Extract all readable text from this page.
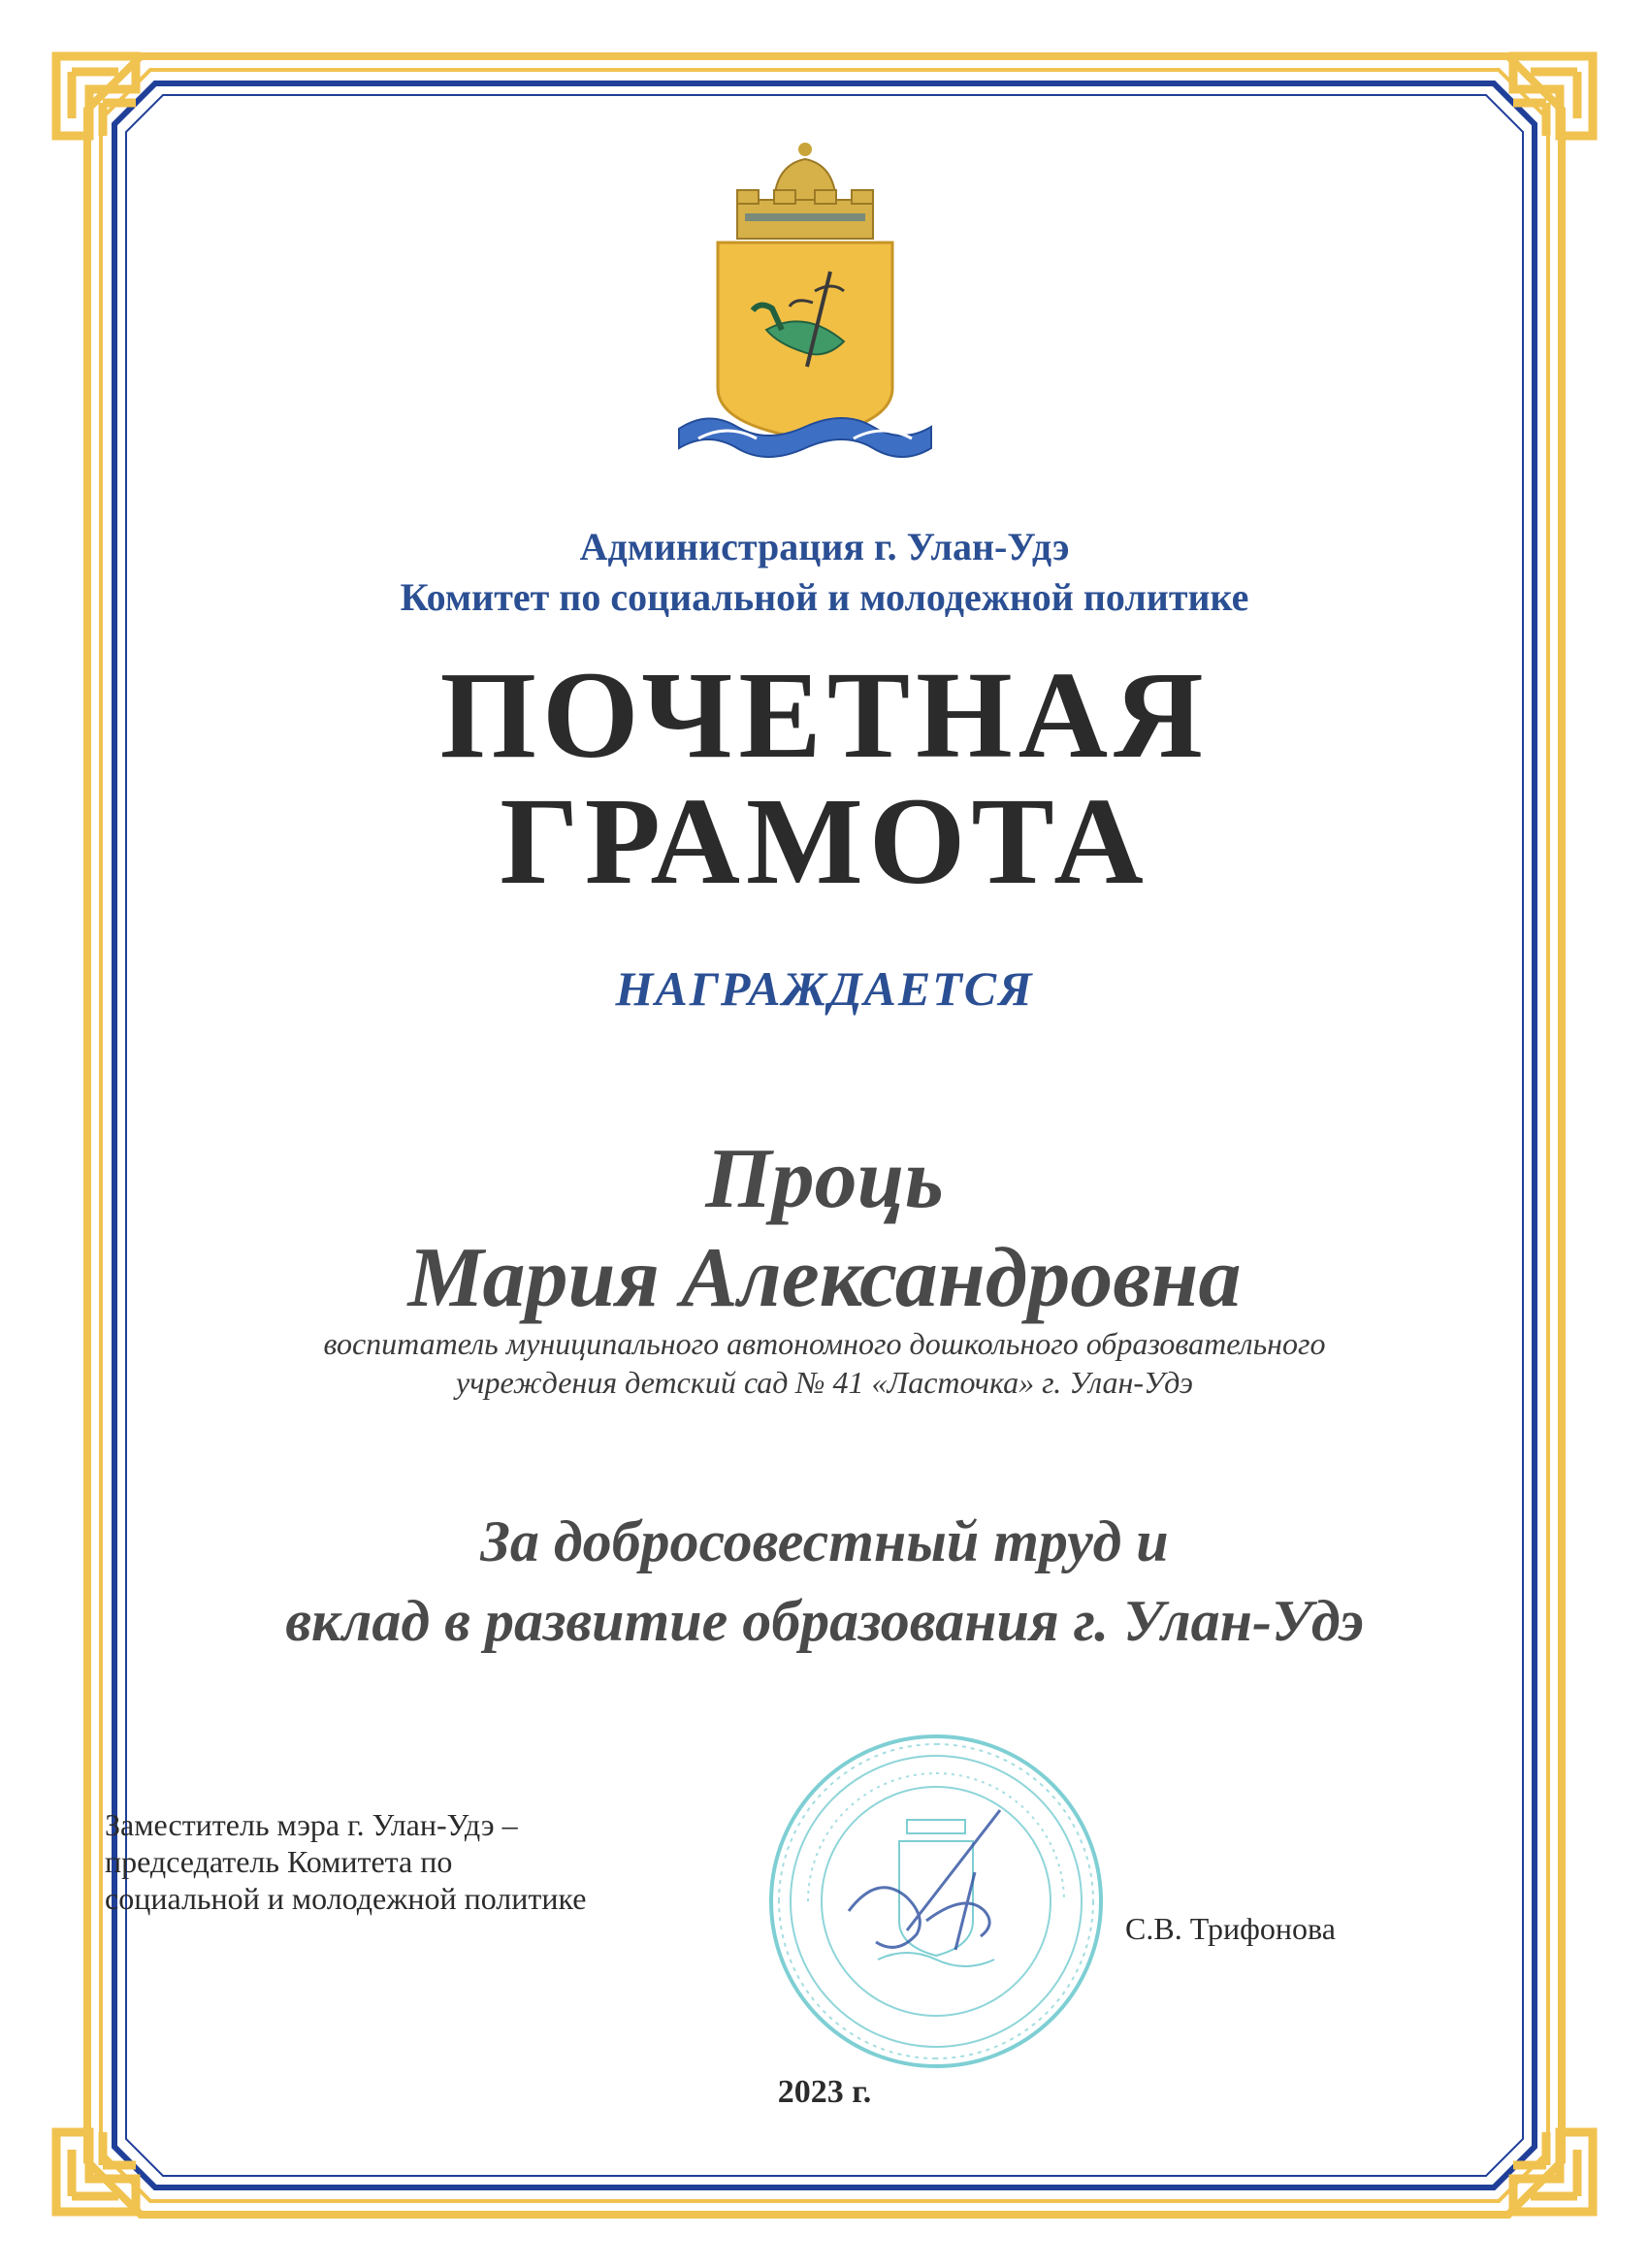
Администрация г. Улан-Удэ
Комитет по социальной и молодежной политике
ПОЧЕТНАЯ
ГРАМОТА
НАГРАЖДАЕТСЯ
Проць
Мария Александровна
воспитатель муниципального автономного дошкольного образовательного
учреждения детский сад № 41 «Ласточка» г. Улан-Удэ
За добросовестный труд и
вклад в развитие образования г. Улан-Удэ
Заместитель мэра г. Улан-Удэ –
председатель Комитета по
социальной и молодежной политике
С.В. Трифонова
2023 г.
